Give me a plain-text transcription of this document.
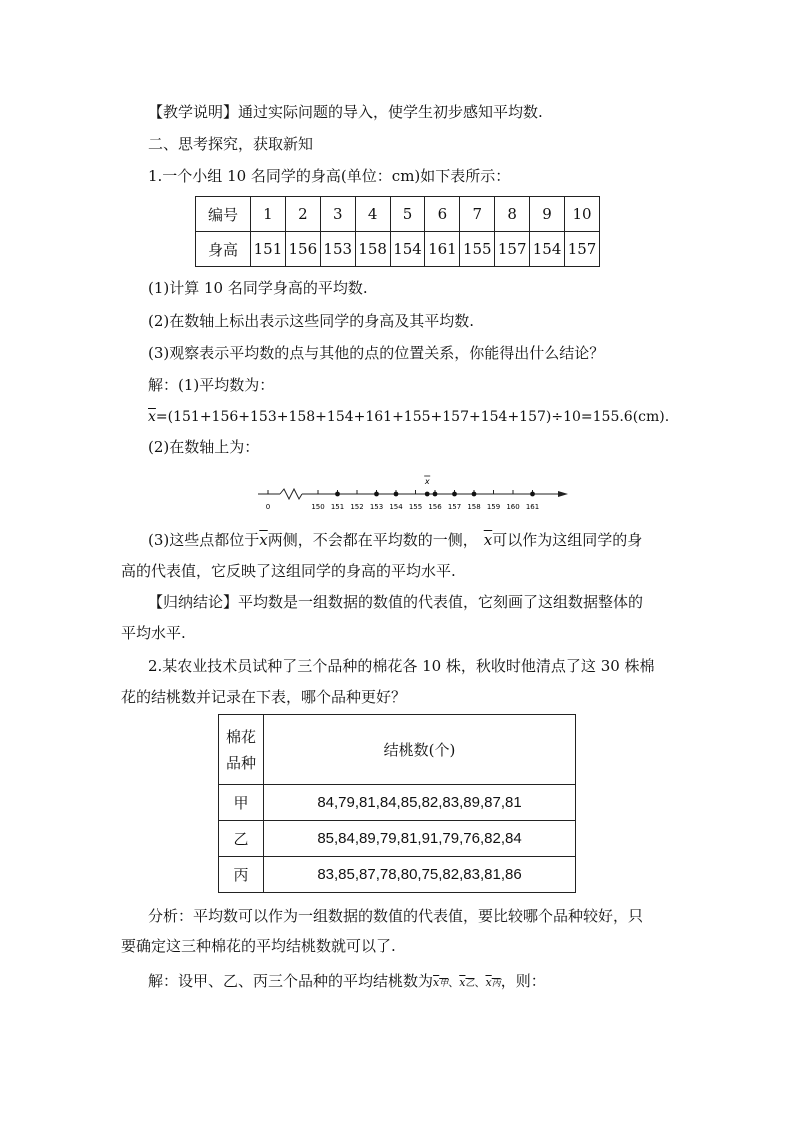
【教学说明】通过实际问题的导入，使学生初步感知平均数.
二、思考探究，获取新知
1.一个小组 10 名同学的身高(单位：cm)如下表所示：
编号	1	2	3	4	5	6	7	8	9	10
身高	151	156	153	158	154	161	155	157	154	157
(1)计算 10 名同学身高的平均数.
(2)在数轴上标出表示这些同学的身高及其平均数.
(3)观察表示平均数的点与其他的点的位置关系，你能得出什么结论？
解：(1)平均数为：
$\overline{x}=(151+156+153+158+154+161+155+157+154+157)\div 10=155.6(cm)$.
(2)在数轴上为：
0	150 151 152 153 154 155 156 157 158 159 160 161
x
(3)这些点都位于$\overline{x}$两侧，不会都在平均数的一侧， $\overline{x}$可以作为这组同学的身
高的代表值，它反映了这组同学的身高的平均水平.
【归纳结论】平均数是一组数据的数值的代表值，它刻画了这组数据整体的
平均水平.
2.某农业技术员试种了三个品种的棉花各 10 株，秋收时他清点了这 30 株棉
花的结桃数并记录在下表，哪个品种更好？
棉花
品种	结桃数(个)
甲	84,79,81,84,85,82,83,89,87,81
乙	85,84,89,79,81,91,79,76,82,84
丙	83,85,87,78,80,75,82,83,81,86
分析：平均数可以作为一组数据的数值的代表值，要比较哪个品种较好，只
要确定这三种棉花的平均结桃数就可以了.
解：设甲、乙、丙三个品种的平均结桃数为x甲、x乙、x丙，则：
